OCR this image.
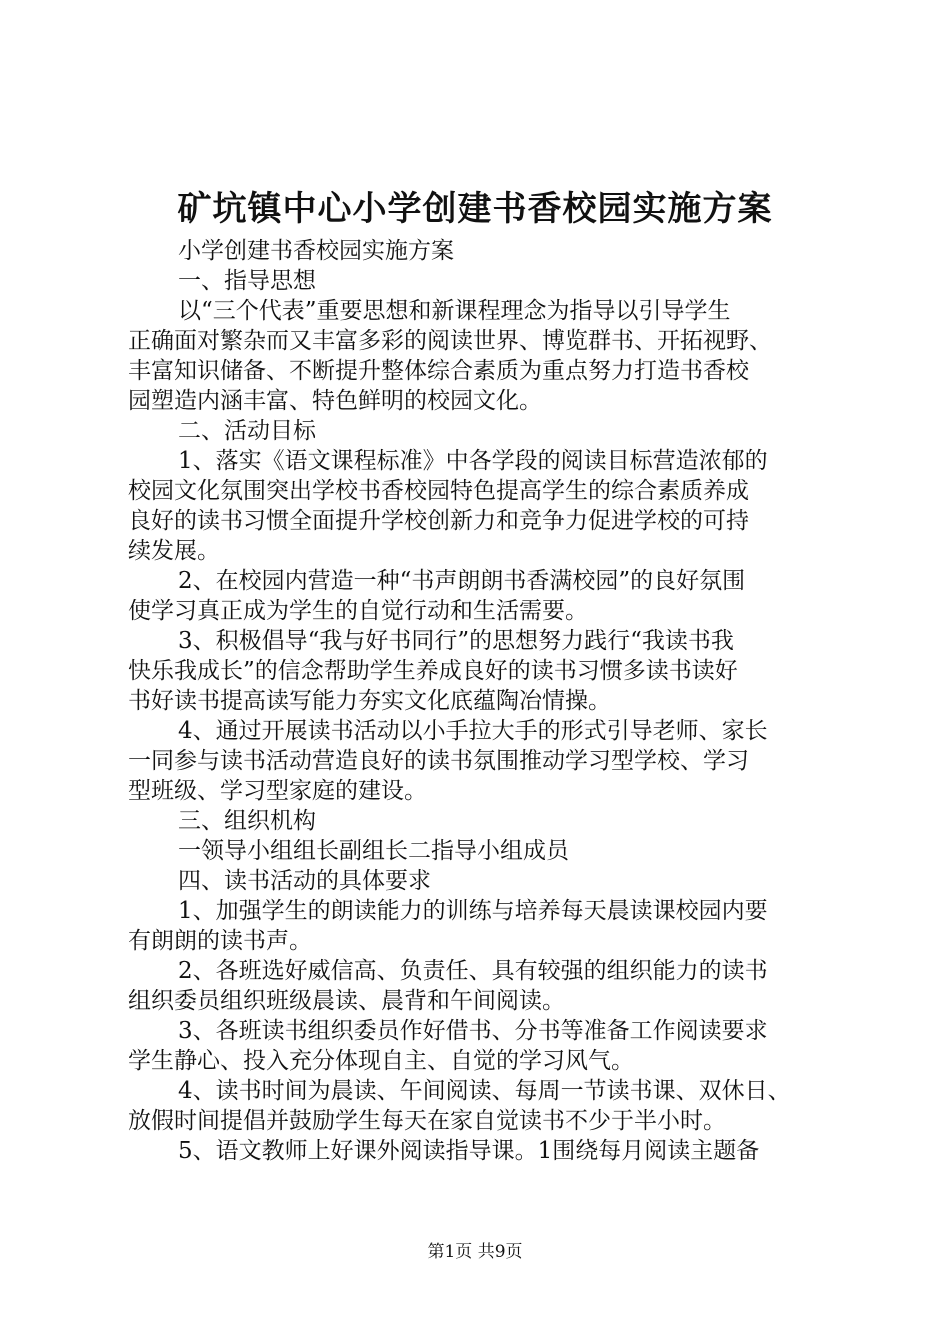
矿坑镇中心小学创建书香校园实施方案
小学创建书香校园实施方案
一、指导思想
以“三个代表”重要思想和新课程理念为指导以引导学生
正确面对繁杂而又丰富多彩的阅读世界、博览群书、开拓视野、
丰富知识储备、不断提升整体综合素质为重点努力打造书香校
园塑造内涵丰富、特色鲜明的校园文化。
二、活动目标
1、落实《语文课程标准》中各学段的阅读目标营造浓郁的
校园文化氛围突出学校书香校园特色提高学生的综合素质养成
良好的读书习惯全面提升学校创新力和竞争力促进学校的可持
续发展。
2、在校园内营造一种“书声朗朗书香满校园”的良好氛围
使学习真正成为学生的自觉行动和生活需要。
3、积极倡导“我与好书同行”的思想努力践行“我读书我
快乐我成长”的信念帮助学生养成良好的读书习惯多读书读好
书好读书提高读写能力夯实文化底蕴陶冶情操。
4、通过开展读书活动以小手拉大手的形式引导老师、家长
一同参与读书活动营造良好的读书氛围推动学习型学校、学习
型班级、学习型家庭的建设。
三、组织机构
一领导小组组长副组长二指导小组成员
四、读书活动的具体要求
1、加强学生的朗读能力的训练与培养每天晨读课校园内要
有朗朗的读书声。
2、各班选好威信高、负责任、具有较强的组织能力的读书
组织委员组织班级晨读、晨背和午间阅读。
3、各班读书组织委员作好借书、分书等准备工作阅读要求
学生静心、投入充分体现自主、自觉的学习风气。
4、读书时间为晨读、午间阅读、每周一节读书课、双休日、
放假时间提倡并鼓励学生每天在家自觉读书不少于半小时。
5、语文教师上好课外阅读指导课。1围绕每月阅读主题备
第1页 共9页
